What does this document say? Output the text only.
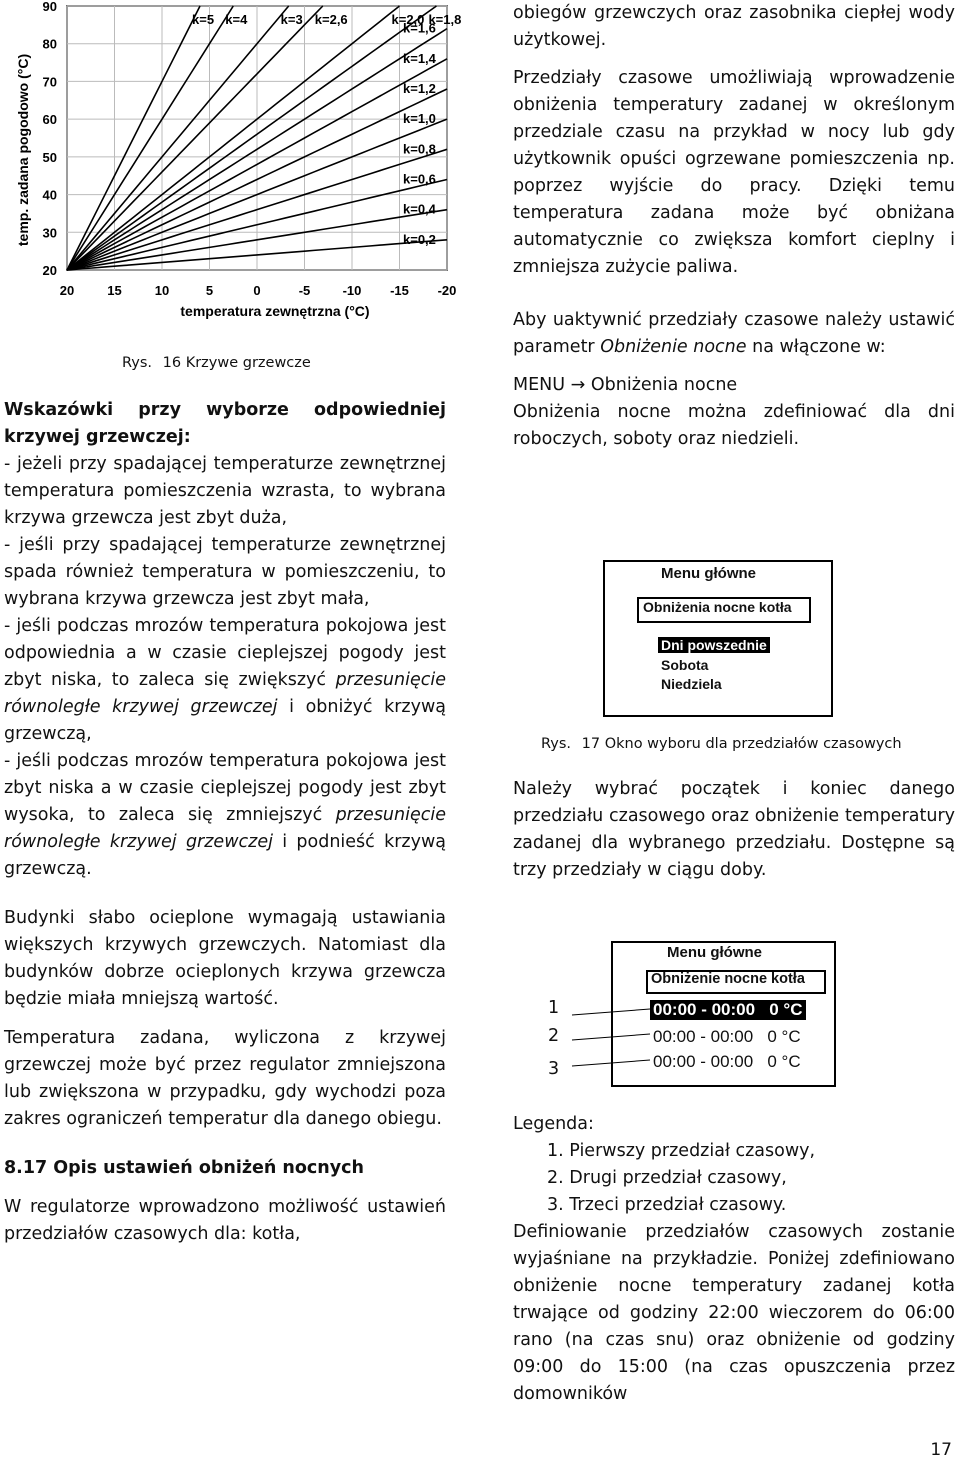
90
80
70
60
50
40
30
20
20	15	10	5	0	-5 -10 -15 -20
k=5 k=4	k=3 k=2,6	k=2,0 k=1,8
k=1,6
k=1,4
k=1,2
k=1,0
k=0,8
k=0,6
k=0,4
k=0,2
temp. zadana pogodowo (°C)
temperatura zewnętrzna (°C)

Rys. 16 Krzywe grzewcze

Wskazówki przy wyborze odpowiedniej krzywej grzewczej:

- jeżeli przy spadającej temperaturze zewnętrznej temperatura pomieszczenia wzrasta, to wybrana krzywa grzewcza jest zbyt duża,

- jeśli przy spadającej temperaturze zewnętrznej spada również temperatura w pomieszczeniu, to wybrana krzywa grzewcza jest zbyt mała,

- jeśli podczas mrozów temperatura pokojowa jest odpowiednia a w czasie cieplejszej pogody jest zbyt niska, to zaleca się zwiększyć przesunięcie równoległe krzywej grzewczej i obniżyć krzywą grzewczą,

- jeśli podczas mrozów temperatura pokojowa jest zbyt niska a w czasie cieplejszej pogody jest zbyt wysoka, to zaleca się zmniejszyć przesunięcie równoległe krzywej grzewczej i podnieść krzywą grzewczą.

Budynki słabo ocieplone wymagają ustawiania większych krzywych grzewczych. Natomiast dla budynków dobrze ocieplonych krzywa grzewcza będzie miała mniejszą wartość.

Temperatura zadana, wyliczona z krzywej grzewczej może być przez regulator zmniejszona lub zwiększona w przypadku, gdy wychodzi poza zakres ograniczeń temperatur dla danego obiegu.

8.17 Opis ustawień obniżeń nocnych

W regulatorze wprowadzono możliwość ustawień przedziałów czasowych dla: kotła,

obiegów grzewczych oraz zasobnika ciepłej wody użytkowej.

Przedziały czasowe umożliwiają wprowadzenie obniżenia temperatury zadanej w określonym przedziale czasu na przykład w nocy lub gdy użytkownik opuści ogrzewane pomieszczenia np. poprzez wyjście do pracy. Dzięki temu temperatura zadana może być obniżana automatycznie co zwiększa komfort cieplny i zmniejsza zużycie paliwa.

Aby uaktywnić przedziały czasowe należy ustawić parametr Obniżenie nocne na włączone w:

MENU → Obniżenia nocne

Obniżenia nocne można zdefiniować dla dni roboczych, soboty oraz niedzieli.

Menu główne
Obniżenia nocne kotła
Dni powszednie
Sobota
Niedziela
Rys. 17 Okno wyboru dla przedziałów czasowych

Należy wybrać początek i koniec danego przedziału czasowego oraz obniżenie temperatury zadanej dla wybranego przedziału. Dostępne są trzy przedziały w ciągu doby.

Menu główne
Obniżenie nocne kotła
00:00 - 00:00   0 °C
00:00 - 00:00   0 °C
00:00 - 00:00   0 °C
1
2
3

Legenda:

1. Pierwszy przedział czasowy,
2. Drugi przedział czasowy,
3. Trzeci przedział czasowy.

Definiowanie przedziałów czasowych zostanie wyjaśniane na przykładzie. Poniżej zdefiniowano obniżenie nocne temperatury zadanej kotła trwające od godziny 22:00 wieczorem do 06:00 rano (na czas snu) oraz obniżenie od godziny 09:00 do 15:00 (na czas opuszczenia przez domowników

17
